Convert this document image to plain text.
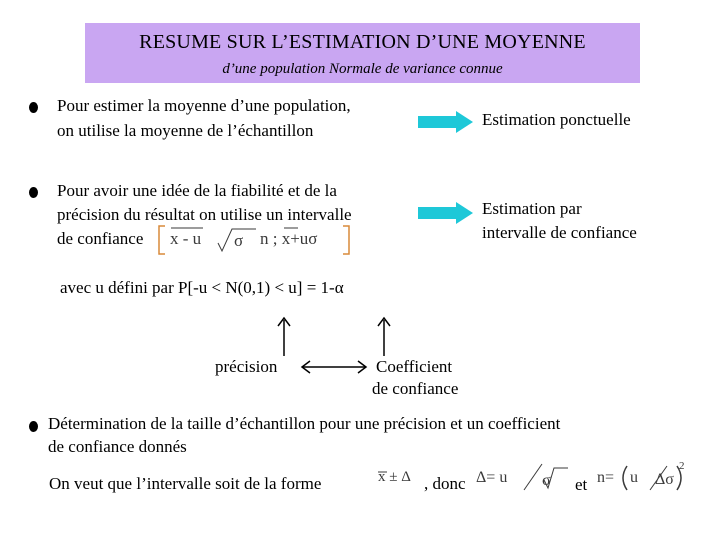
RESUME SUR L’ESTIMATION D’UNE MOYENNE
d’une population Normale de variance connue
Pour estimer la moyenne d’une population,
on utilise la moyenne de l’échantillon
Estimation ponctuelle
Pour avoir une idée de la fiabilité et de la
précision du résultat on utilise un intervalle
de confiance x - u σ n ; x+uσ
Estimation par
intervalle de confiance
avec u défini par P[-u < N(0,1) < u] = 1-α
précision	Coefficient
de confiance
Détermination de la taille d’échantillon pour une précision et un coefficient
de confiance donnés
On veut que l’intervalle soit de la forme	x ± Δ , donc Δ= u σ et n= u Δσ
2
